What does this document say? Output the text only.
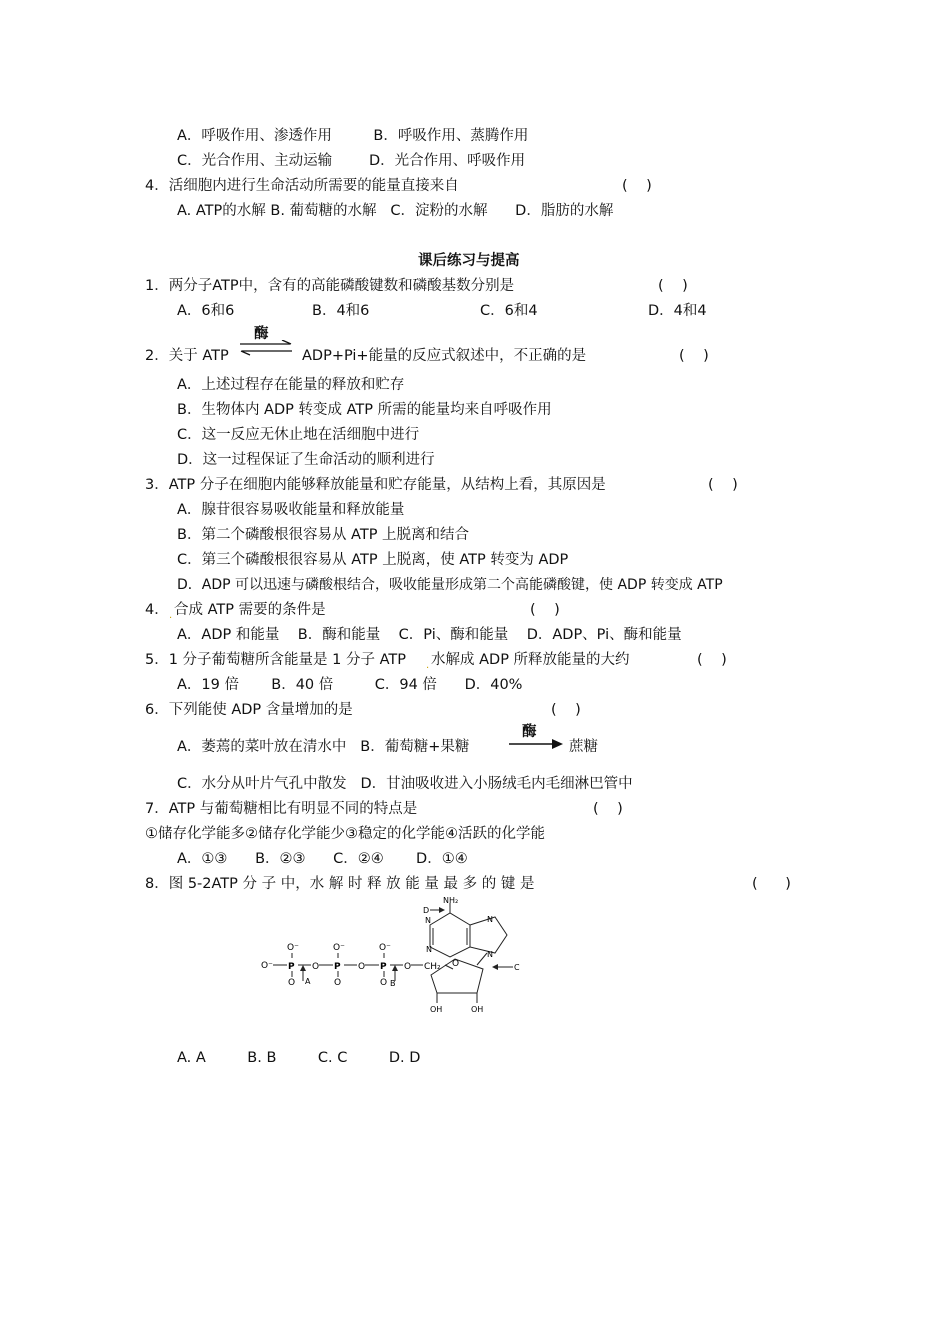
A．呼吸作用、渗透作用         B．呼吸作用、蒸腾作用
C．光合作用、主动运输        D．光合作用、呼吸作用
4．活细胞内进行生命活动所需要的能量直接来自	(    )
A. ATP的水解 B. 葡萄糖的水解   C．淀粉的水解      D．脂肪的水解
课后练习与提高
1．两分子ATP中，含有的高能磷酸键数和磷酸基数分别是	(    )
A．6和6	B．4和6	C．6和4	D．4和4
2．关于 ATP
酶
⇌ ADP+Pi+能量的反应式叙述中，不正确的是	(    )
A．上述过程存在能量的释放和贮存
B．生物体内 ADP 转变成 ATP 所需的能量均来自呼吸作用
C．这一反应无休止地在活细胞中进行
D．这一过程保证了生命活动的顺利进行
3．ATP 分子在细胞内能够释放能量和贮存能量，从结构上看，其原因是	(    )
A．腺苷很容易吸收能量和释放能量
B．第二个磷酸根很容易从 ATP 上脱离和结合
C．第三个磷酸根很容易从 ATP 上脱离，使 ATP 转变为 ADP
D．ADP 可以迅速与磷酸根结合，吸收能量形成第二个高能磷酸键，使 ADP 转变成 ATP
4． . 合成 ATP 需要的条件是	(    )
A．ADP 和能量    B．酶和能量    C．Pi、酶和能量    D．ADP、Pi、酶和能量
5．1 分子葡萄糖所含能量是 1 分子 ATP . 水解成 ADP 所释放能量的大约	(    )
A．19 倍       B．40 倍         C．94 倍      D．40%
6．下列能使 ADP 含量增加的是	(    )
A．萎蔫的菜叶放在清水中   B．葡萄糖+果糖
酶
→ 蔗糖
C．水分从叶片气孔中散发   D．甘油吸收进入小肠绒毛内毛细淋巴管中
7．ATP 与葡萄糖相比有明显不同的特点是	(    )
①储存化学能多②储存化学能少③稳定的化学能④活跃的化学能
A．①③      B．②③      C．②④       D．①④
8．图 5-2ATP 分 子 中，水 解 时 释 放 能 量 最 多 的 键 是	(      )
O⁻ P
O⁻
O
O P
O⁻
O
O P
O⁻
O
O CH₂
A	B
O
OH	OH
NH₂
N
N
N
N
D
C
A. A         B. B         C. C         D. D
